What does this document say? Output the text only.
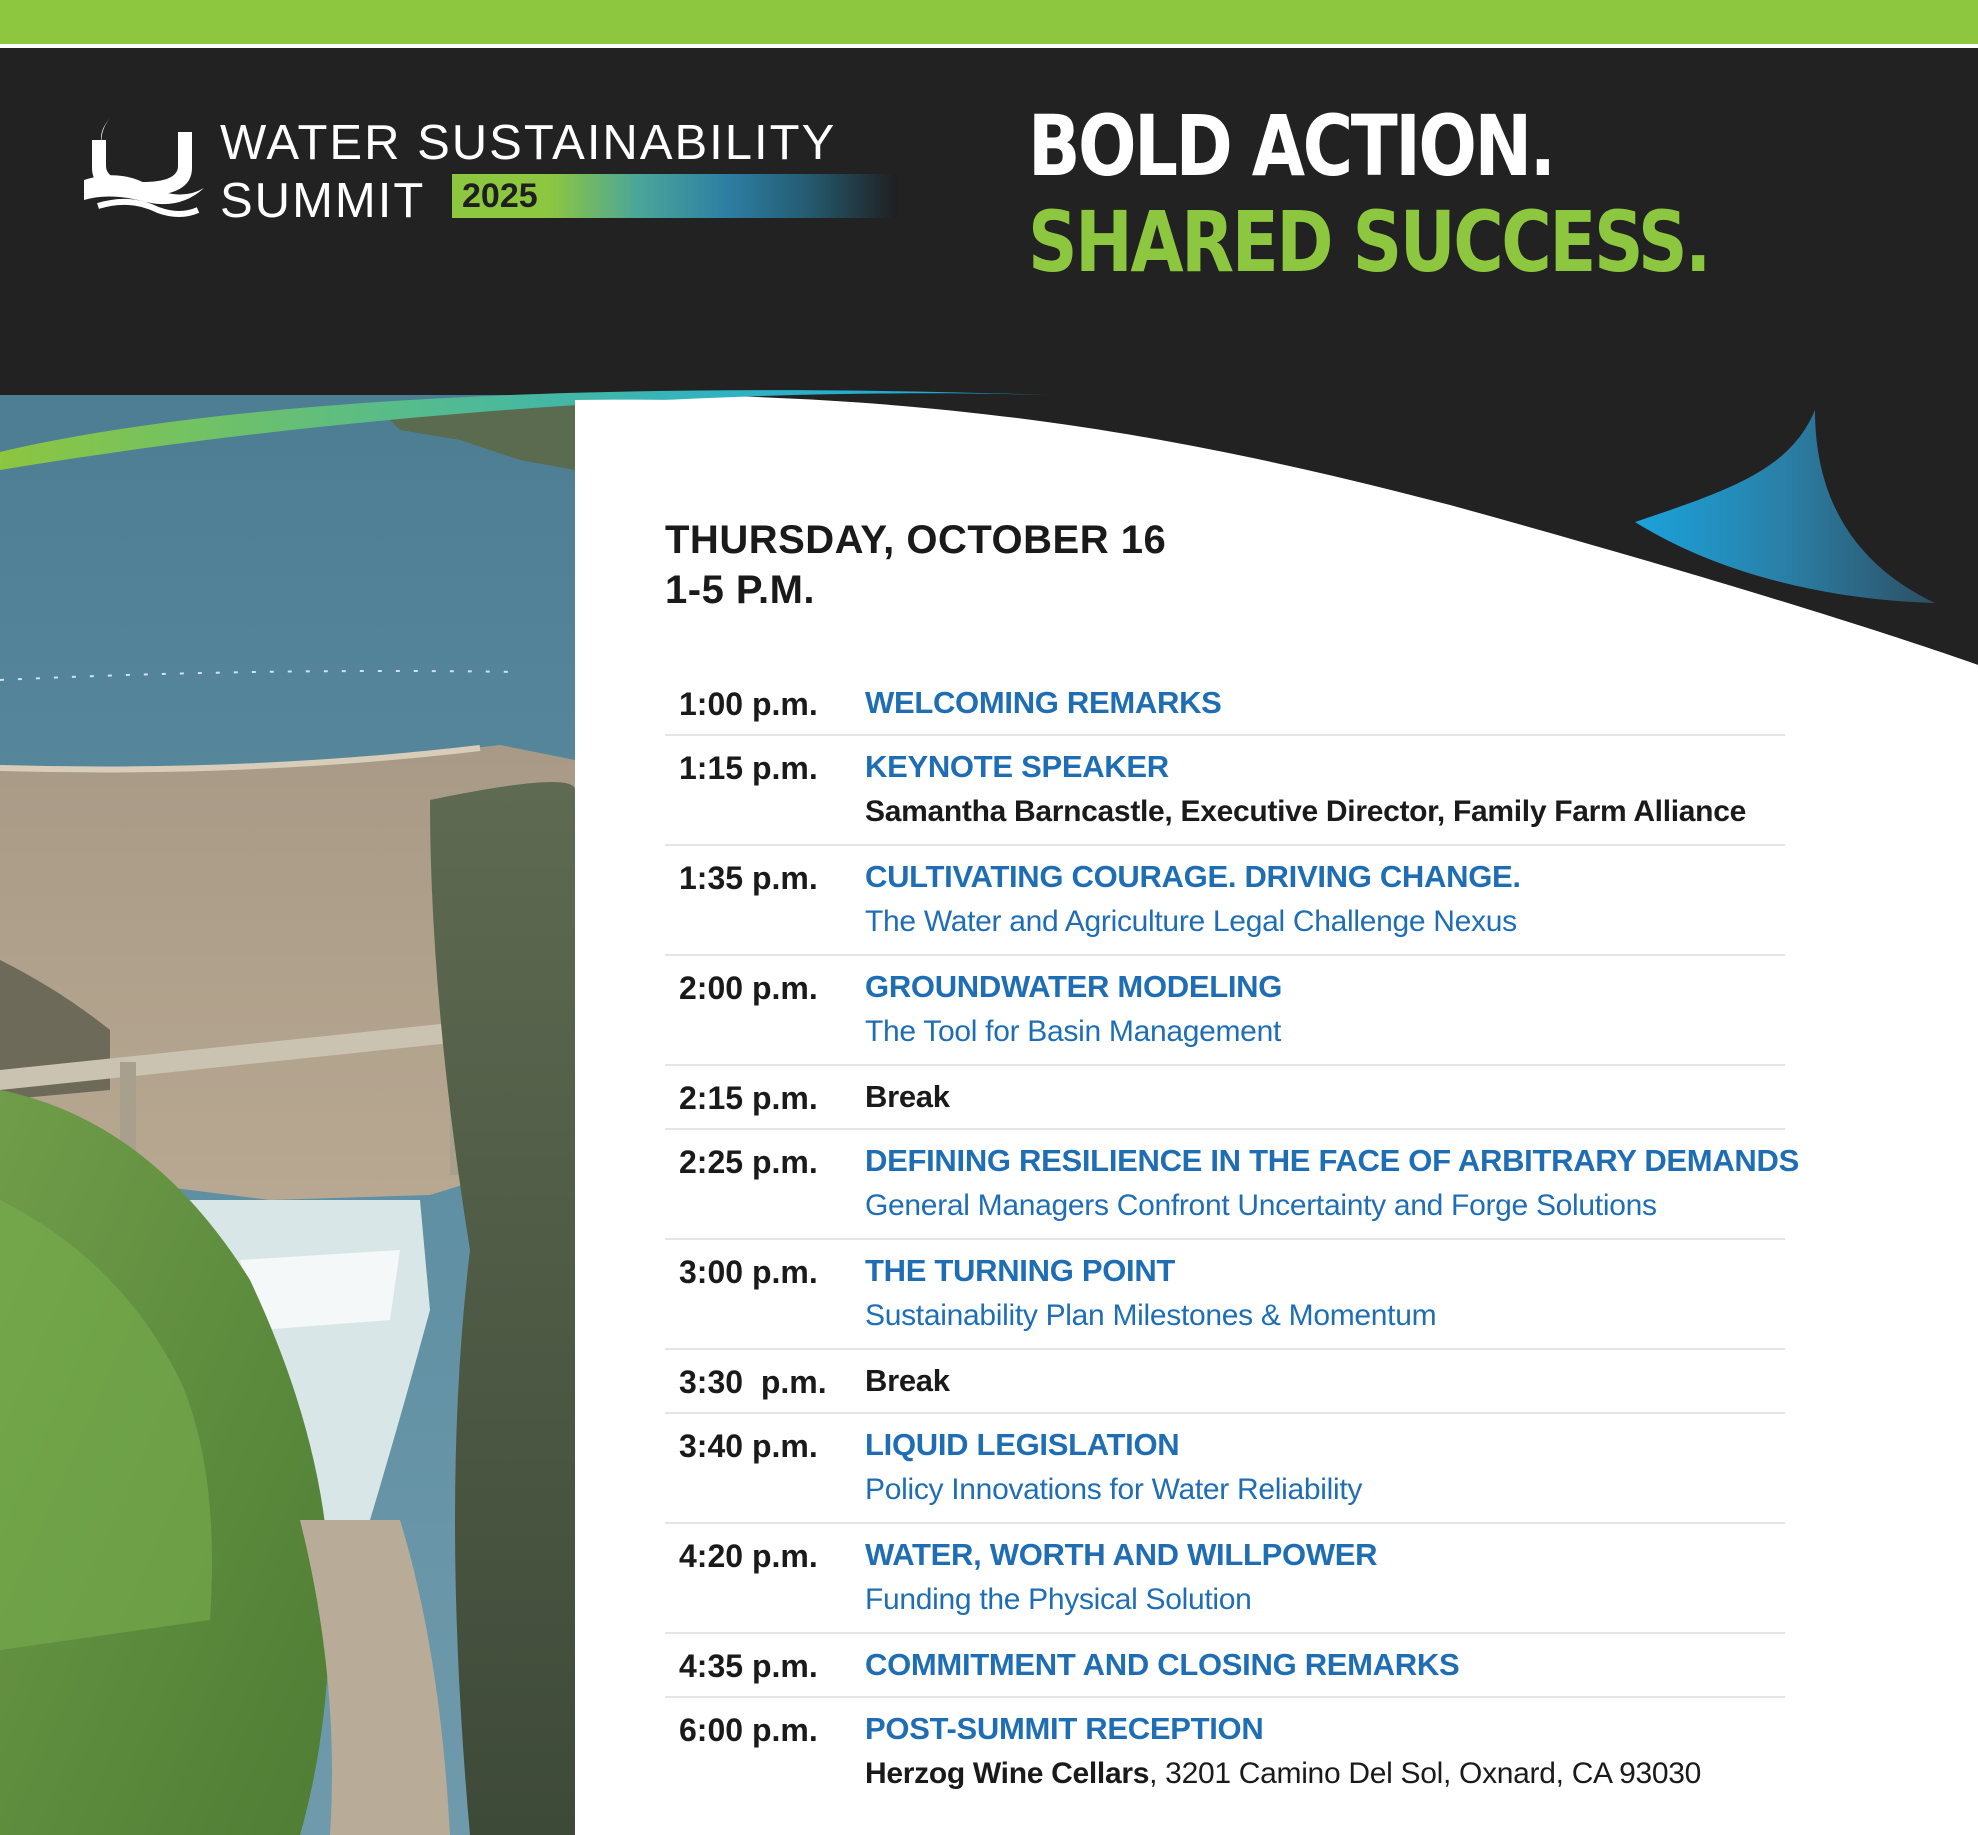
WATER SUSTAINABILITY
SUMMIT 2025
BOLD ACTION.
SHARED SUCCESS.
THURSDAY, OCTOBER 16
1-5 P.M.
1:00 p.m. WELCOMING REMARKS
1:15 p.m. KEYNOTE SPEAKER
Samantha Barncastle, Executive Director, Family Farm Alliance
1:35 p.m. CULTIVATING COURAGE. DRIVING CHANGE.
The Water and Agriculture Legal Challenge Nexus
2:00 p.m. GROUNDWATER MODELING
The Tool for Basin Management
2:15 p.m. Break
2:25 p.m. DEFINING RESILIENCE IN THE FACE OF ARBITRARY DEMANDS
General Managers Confront Uncertainty and Forge Solutions
3:00 p.m. THE TURNING POINT
Sustainability Plan Milestones & Momentum
3:30  p.m. Break
3:40 p.m. LIQUID LEGISLATION
Policy Innovations for Water Reliability
4:20 p.m. WATER, WORTH AND WILLPOWER
Funding the Physical Solution
4:35 p.m. COMMITMENT AND CLOSING REMARKS
6:00 p.m. POST-SUMMIT RECEPTION
Herzog Wine Cellars, 3201 Camino Del Sol, Oxnard, CA 93030
